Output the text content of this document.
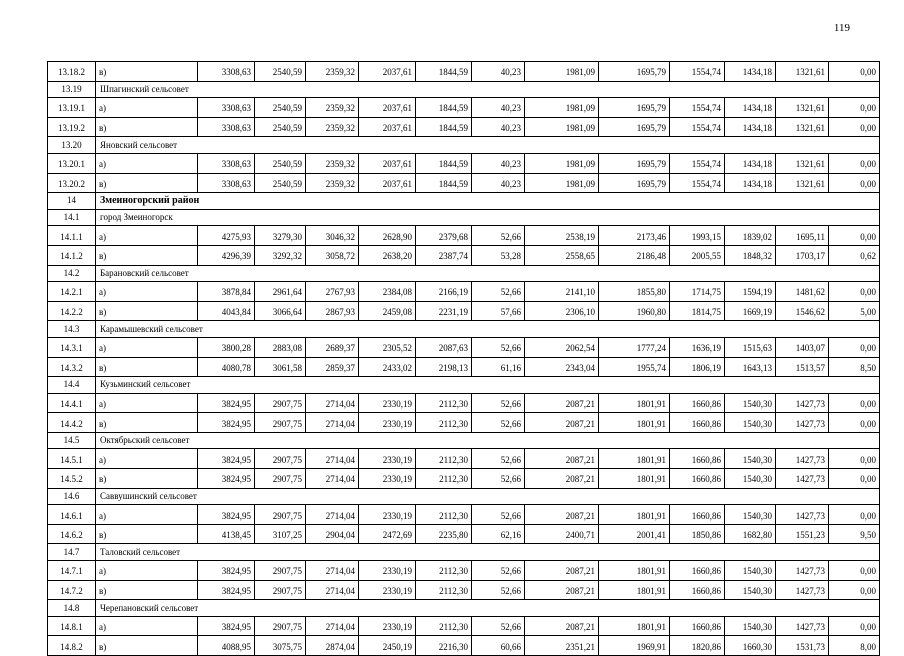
119
13.18.2	в)	3308,63	2540,59	2359,32	2037,61	1844,59	40,23	1981,09	1695,79	1554,74	1434,18	1321,61	0,00
13.19	Шпагинский сельсовет												
13.19.1	а)	3308,63	2540,59	2359,32	2037,61	1844,59	40,23	1981,09	1695,79	1554,74	1434,18	1321,61	0,00
13.19.2	в)	3308,63	2540,59	2359,32	2037,61	1844,59	40,23	1981,09	1695,79	1554,74	1434,18	1321,61	0,00
13.20	Яновский сельсовет												
13.20.1	а)	3308,63	2540,59	2359,32	2037,61	1844,59	40,23	1981,09	1695,79	1554,74	1434,18	1321,61	0,00
13.20.2	в)	3308,63	2540,59	2359,32	2037,61	1844,59	40,23	1981,09	1695,79	1554,74	1434,18	1321,61	0,00
14	Змеиногорский район												
14.1	город Змеиногорск												
14.1.1	а)	4275,93	3279,30	3046,32	2628,90	2379,68	52,66	2538,19	2173,46	1993,15	1839,02	1695,11	0,00
14.1.2	в)	4296,39	3292,32	3058,72	2638,20	2387,74	53,28	2558,65	2186,48	2005,55	1848,32	1703,17	0,62
14.2	Барановский сельсовет												
14.2.1	а)	3878,84	2961,64	2767,93	2384,08	2166,19	52,66	2141,10	1855,80	1714,75	1594,19	1481,62	0,00
14.2.2	в)	4043,84	3066,64	2867,93	2459,08	2231,19	57,66	2306,10	1960,80	1814,75	1669,19	1546,62	5,00
14.3	Карамышевский сельсовет												
14.3.1	а)	3800,28	2883,08	2689,37	2305,52	2087,63	52,66	2062,54	1777,24	1636,19	1515,63	1403,07	0,00
14.3.2	в)	4080,78	3061,58	2859,37	2433,02	2198,13	61,16	2343,04	1955,74	1806,19	1643,13	1513,57	8,50
14.4	Кузьминский сельсовет												
14.4.1	а)	3824,95	2907,75	2714,04	2330,19	2112,30	52,66	2087,21	1801,91	1660,86	1540,30	1427,73	0,00
14.4.2	в)	3824,95	2907,75	2714,04	2330,19	2112,30	52,66	2087,21	1801,91	1660,86	1540,30	1427,73	0,00
14.5	Октябрьский сельсовет												
14.5.1	а)	3824,95	2907,75	2714,04	2330,19	2112,30	52,66	2087,21	1801,91	1660,86	1540,30	1427,73	0,00
14.5.2	в)	3824,95	2907,75	2714,04	2330,19	2112,30	52,66	2087,21	1801,91	1660,86	1540,30	1427,73	0,00
14.6	Саввушинский сельсовет												
14.6.1	а)	3824,95	2907,75	2714,04	2330,19	2112,30	52,66	2087,21	1801,91	1660,86	1540,30	1427,73	0,00
14.6.2	в)	4138,45	3107,25	2904,04	2472,69	2235,80	62,16	2400,71	2001,41	1850,86	1682,80	1551,23	9,50
14.7	Таловский сельсовет												
14.7.1	а)	3824,95	2907,75	2714,04	2330,19	2112,30	52,66	2087,21	1801,91	1660,86	1540,30	1427,73	0,00
14.7.2	в)	3824,95	2907,75	2714,04	2330,19	2112,30	52,66	2087,21	1801,91	1660,86	1540,30	1427,73	0,00
14.8	Черепановский сельсовет												
14.8.1	а)	3824,95	2907,75	2714,04	2330,19	2112,30	52,66	2087,21	1801,91	1660,86	1540,30	1427,73	0,00
14.8.2	в)	4088,95	3075,75	2874,04	2450,19	2216,30	60,66	2351,21	1969,91	1820,86	1660,30	1531,73	8,00
